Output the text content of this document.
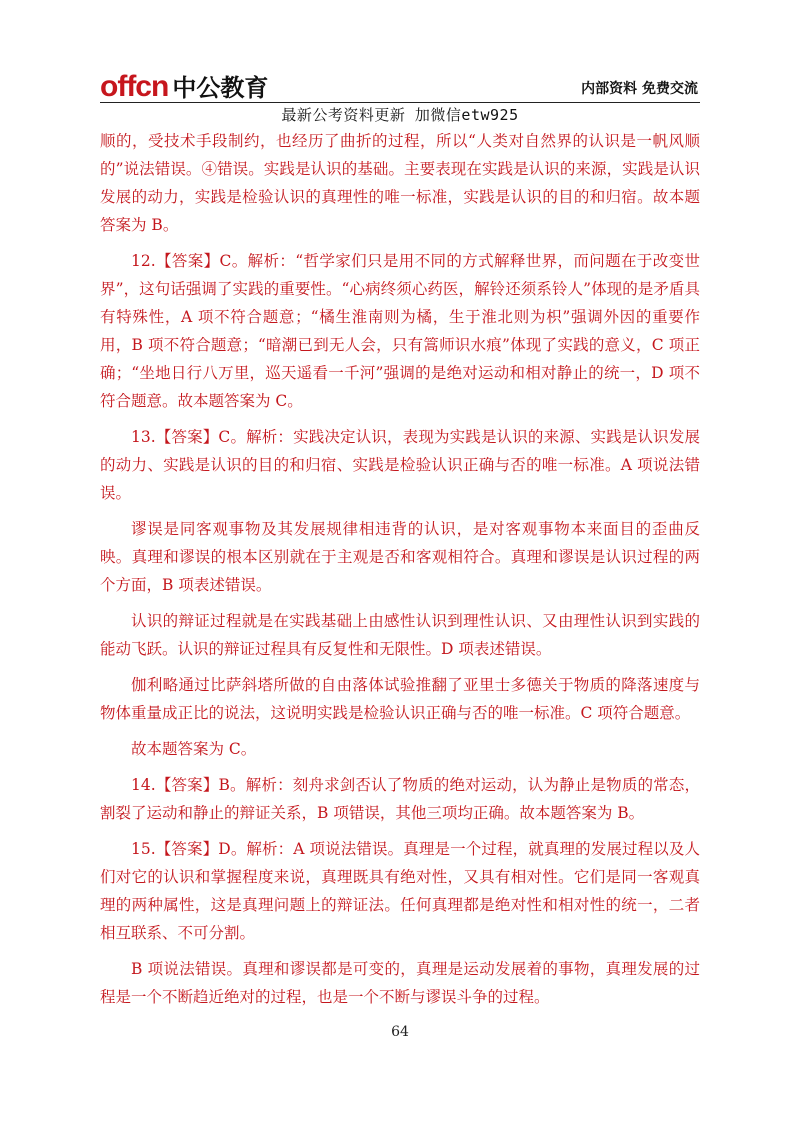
offcn 中公教育	内部资料 免费交流
最新公考资料更新 加微信etw925

顺的，受技术手段制约，也经历了曲折的过程，所以“人类对自然界的认识是一帆风顺的”说法错误。④错误。实践是认识的基础。主要表现在实践是认识的来源，实践是认识发展的动力，实践是检验认识的真理性的唯一标准，实践是认识的目的和归宿。故本题答案为 B。

12.【答案】C。解析：“哲学家们只是用不同的方式解释世界，而问题在于改变世界”，这句话强调了实践的重要性。“心病终须心药医，解铃还须系铃人”体现的是矛盾具有特殊性，A 项不符合题意；“橘生淮南则为橘，生于淮北则为枳”强调外因的重要作用，B 项不符合题意；“暗潮已到无人会，只有篙师识水痕”体现了实践的意义，C 项正确；“坐地日行八万里，巡天遥看一千河”强调的是绝对运动和相对静止的统一，D 项不符合题意。故本题答案为 C。

13.【答案】C。解析：实践决定认识，表现为实践是认识的来源、实践是认识发展的动力、实践是认识的目的和归宿、实践是检验认识正确与否的唯一标准。A 项说法错误。

谬误是同客观事物及其发展规律相违背的认识，是对客观事物本来面目的歪曲反映。真理和谬误的根本区别就在于主观是否和客观相符合。真理和谬误是认识过程的两个方面，B 项表述错误。

认识的辩证过程就是在实践基础上由感性认识到理性认识、又由理性认识到实践的能动飞跃。认识的辩证过程具有反复性和无限性。D 项表述错误。

伽利略通过比萨斜塔所做的自由落体试验推翻了亚里士多德关于物质的降落速度与物体重量成正比的说法，这说明实践是检验认识正确与否的唯一标准。C 项符合题意。

故本题答案为 C。

14.【答案】B。解析：刻舟求剑否认了物质的绝对运动，认为静止是物质的常态，割裂了运动和静止的辩证关系，B 项错误，其他三项均正确。故本题答案为 B。

15.【答案】D。解析：A 项说法错误。真理是一个过程，就真理的发展过程以及人们对它的认识和掌握程度来说，真理既具有绝对性，又具有相对性。它们是同一客观真理的两种属性，这是真理问题上的辩证法。任何真理都是绝对性和相对性的统一，二者相互联系、不可分割。

B 项说法错误。真理和谬误都是可变的，真理是运动发展着的事物，真理发展的过程是一个不断趋近绝对的过程，也是一个不断与谬误斗争的过程。

64
